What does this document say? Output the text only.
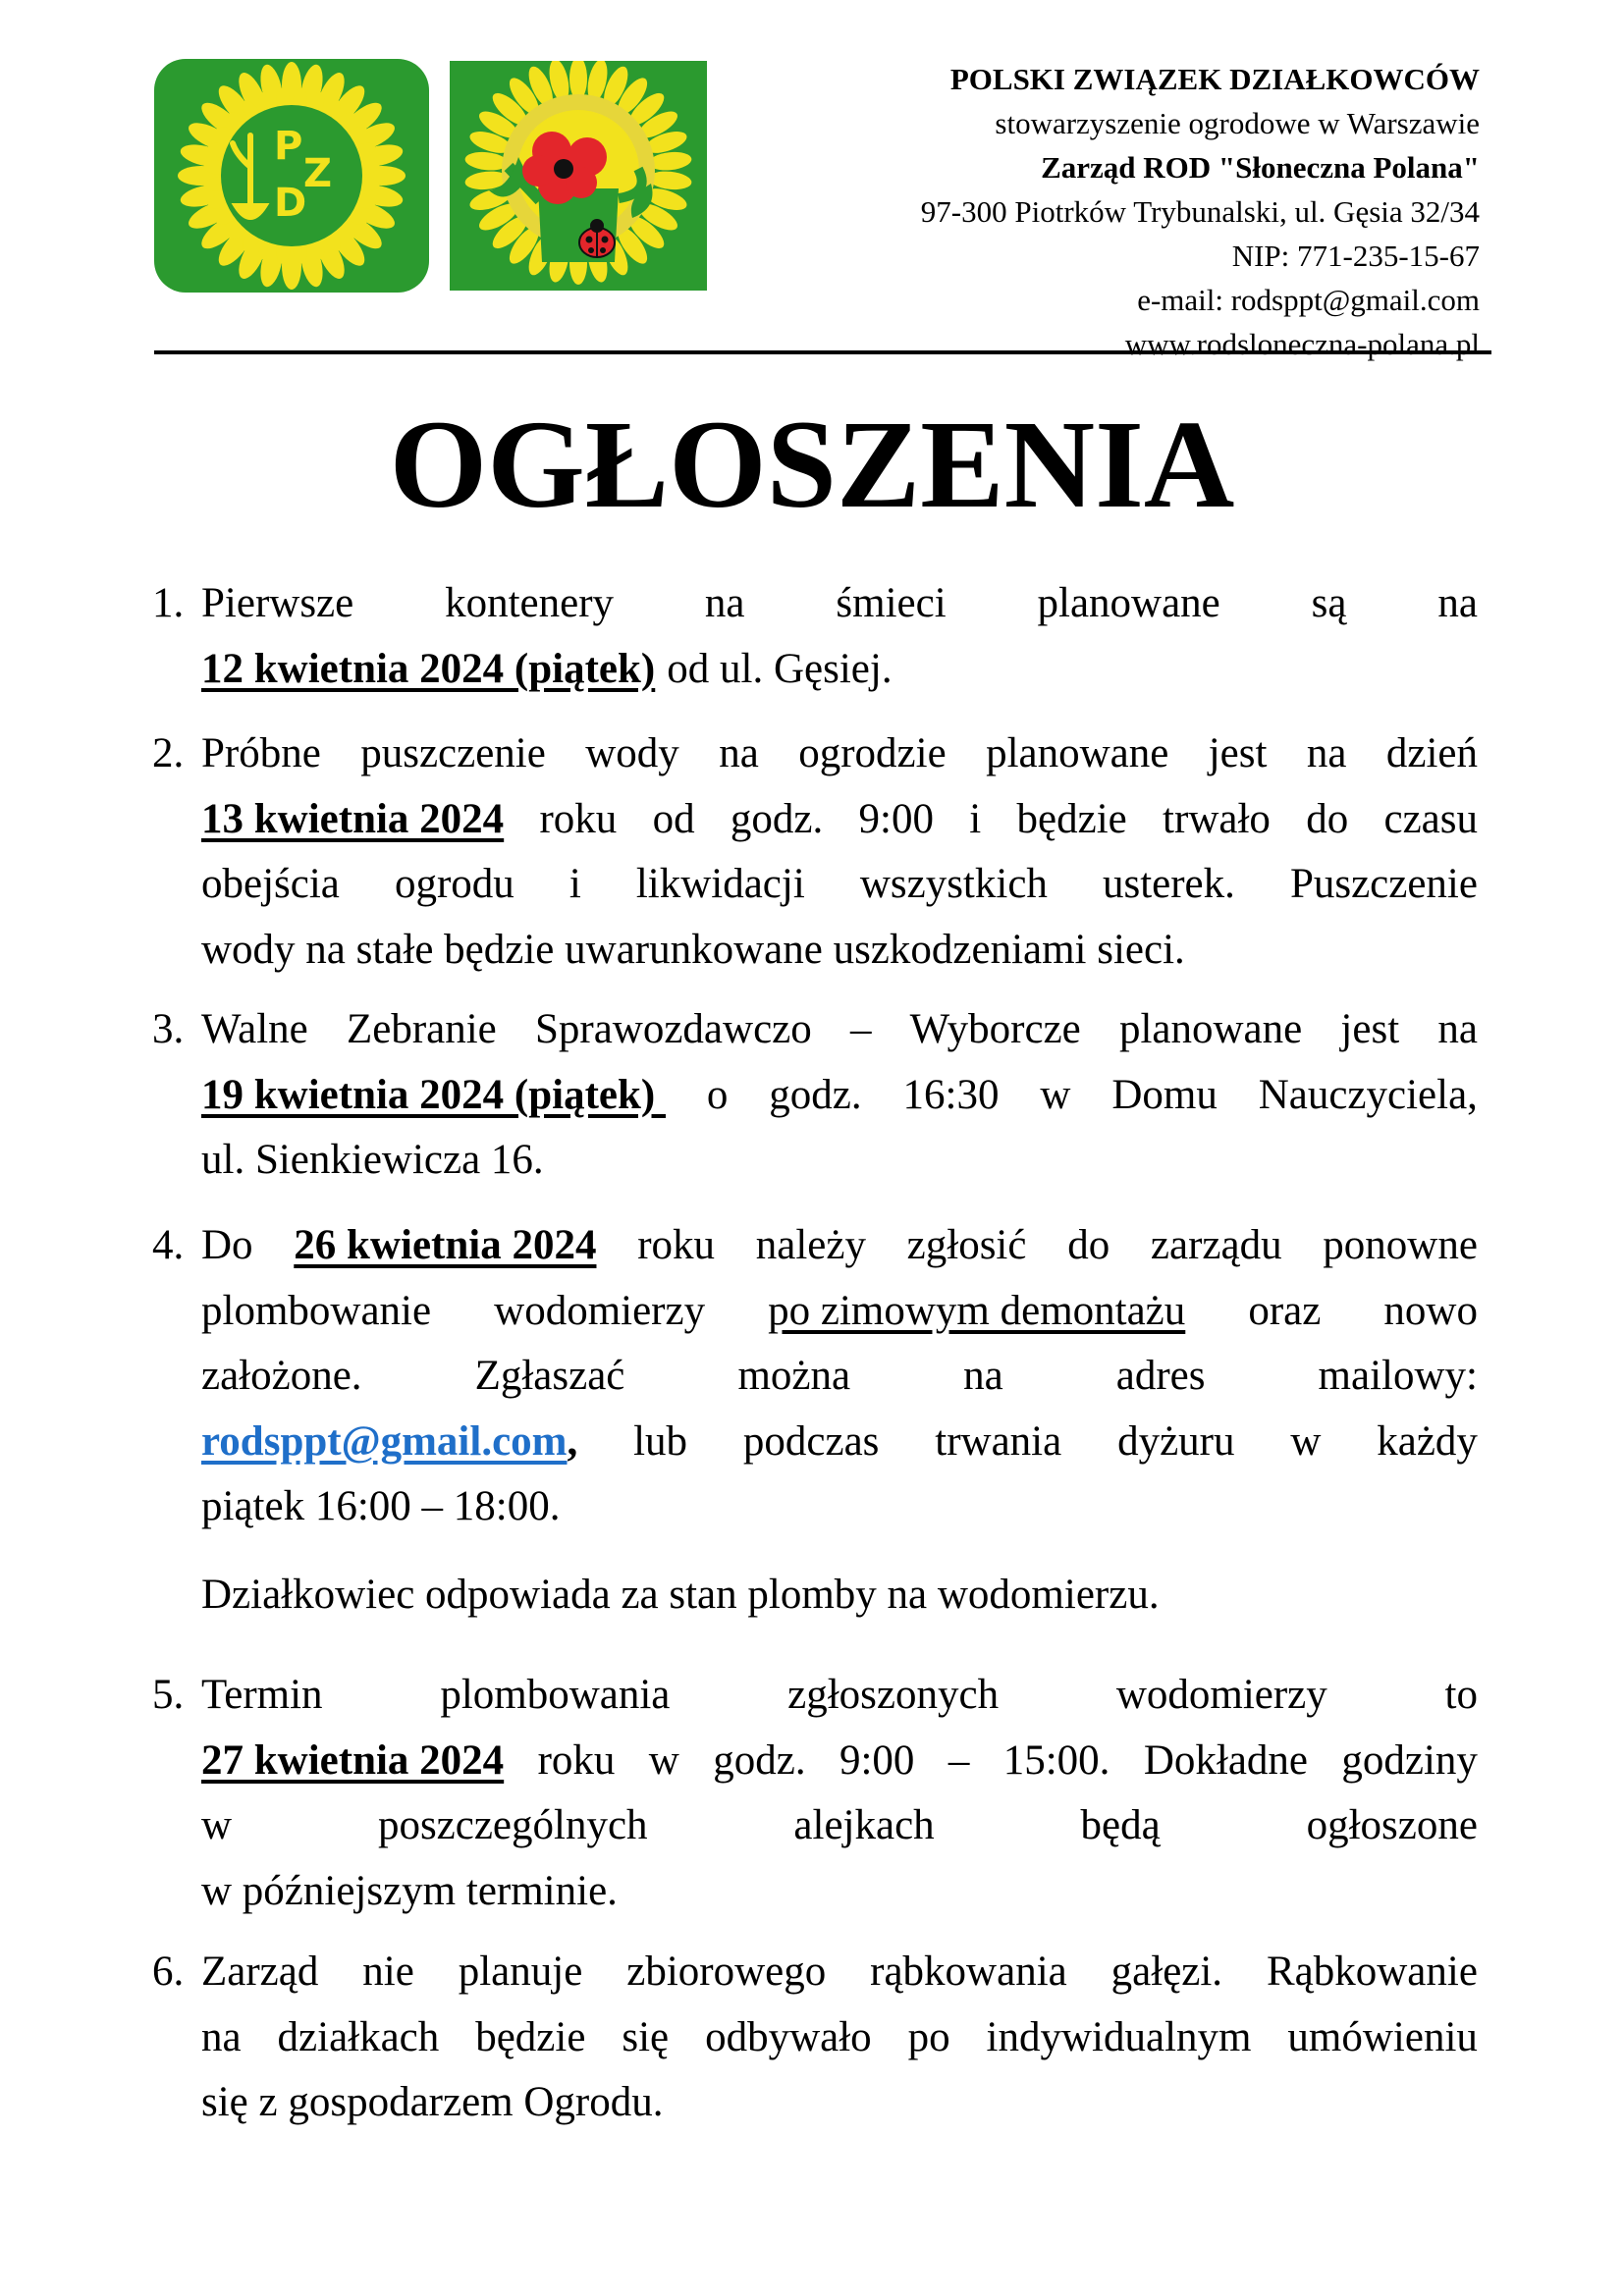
P
Z
D
POLSKI ZWIĄZEK DZIAŁKOWCÓW
stowarzyszenie ogrodowe w Warszawie
Zarząd ROD "Słoneczna Polana"
97-300 Piotrków Trybunalski, ul. Gęsia 32/34
NIP: 771-235-15-67
e-mail: rodsppt@gmail.com
www.rodsloneczna-polana.pl
OGŁOSZENIA
1. Pierwsze kontenery na śmieci planowane są na
12 kwietnia 2024 (piątek) od ul. Gęsiej.
2. Próbne puszczenie wody na ogrodzie planowane jest na dzień
13 kwietnia 2024 roku od godz. 9:00 i będzie trwało do czasu
obejścia ogrodu i likwidacji wszystkich usterek. Puszczenie
wody na stałe będzie uwarunkowane uszkodzeniami sieci.
3. Walne Zebranie Sprawozdawczo – Wyborcze planowane jest na
19 kwietnia 2024 (piątek) o godz. 16:30 w Domu Nauczyciela,
ul. Sienkiewicza 16.
4. Do 26 kwietnia 2024 roku należy zgłosić do zarządu ponowne
plombowanie wodomierzy po zimowym demontażu oraz nowo
założone.	Zgłaszać	można	na	adres	mailowy:
rodsppt@gmail.com, lub podczas trwania dyżuru w każdy
piątek 16:00 – 18:00.
Działkowiec odpowiada za stan plomby na wodomierzu.
5. Termin	plombowania	zgłoszonych	wodomierzy	to
27 kwietnia 2024 roku w godz. 9:00 – 15:00. Dokładne godziny
w	poszczególnych	alejkach	będą	ogłoszone
w późniejszym terminie.
6. Zarząd nie planuje zbiorowego rąbkowania gałęzi. Rąbkowanie
na działkach będzie się odbywało po indywidualnym umówieniu
się z gospodarzem Ogrodu.
